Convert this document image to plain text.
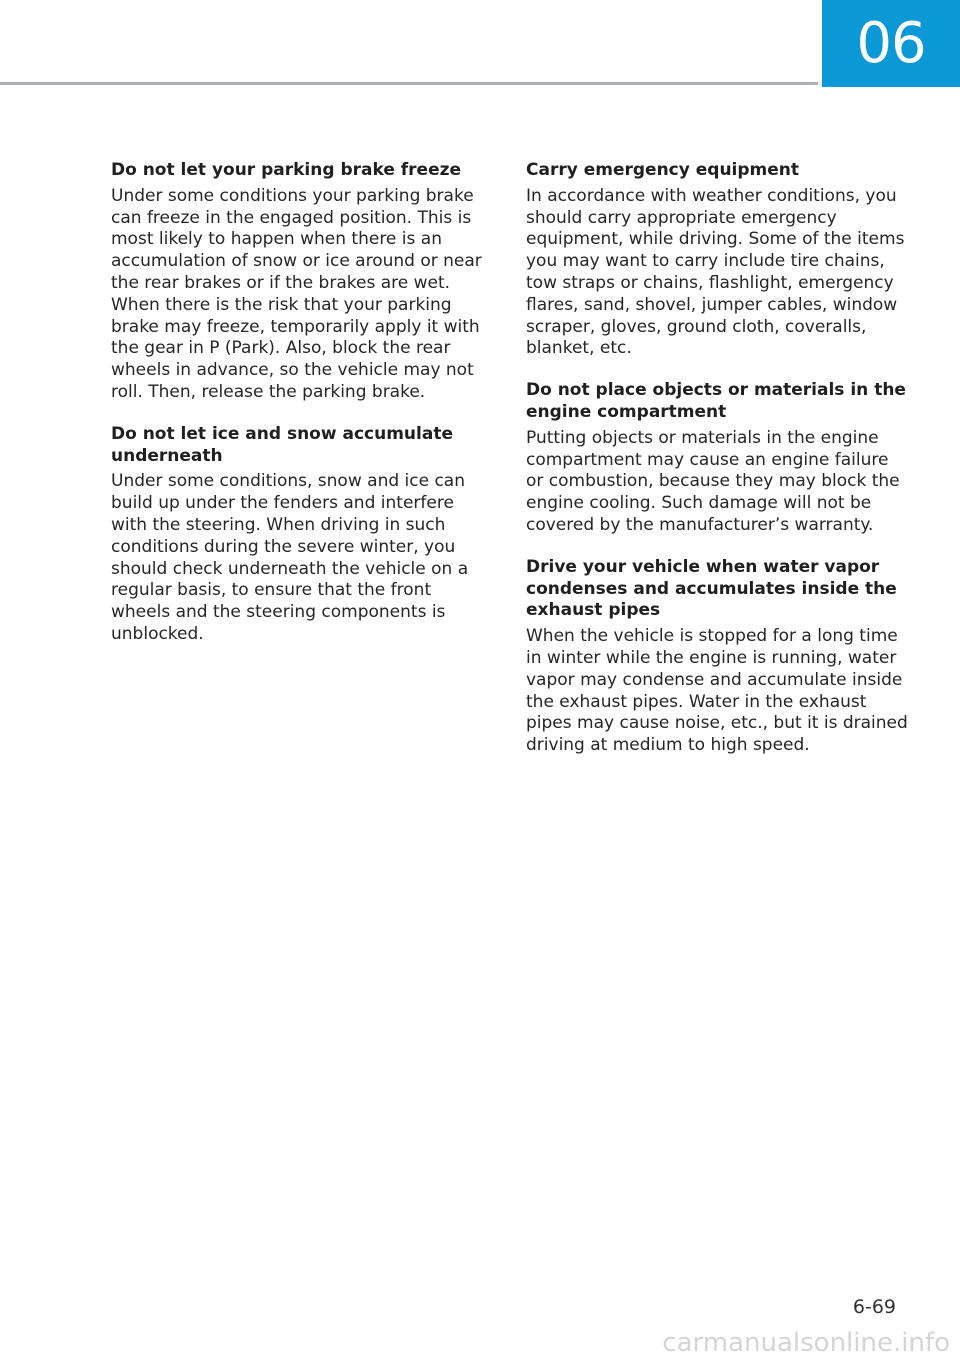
06
Do not let your parking brake freeze

Under some conditions your parking brake can freeze in the engaged position. This is most likely to happen when there is an accumulation of snow or ice around or near the rear brakes or if the brakes are wet. When there is the risk that your parking brake may freeze, temporarily apply it with the gear in P (Park). Also, block the rear wheels in advance, so the vehicle may not roll. Then, release the parking brake.

Do not let ice and snow accumulate underneath

Under some conditions, snow and ice can build up under the fenders and interfere with the steering. When driving in such conditions during the severe winter, you should check underneath the vehicle on a regular basis, to ensure that the front wheels and the steering components is unblocked.

Carry emergency equipment

In accordance with weather conditions, you should carry appropriate emergency equipment, while driving. Some of the items you may want to carry include tire chains, tow straps or chains, flashlight, emergency flares, sand, shovel, jumper cables, window scraper, gloves, ground cloth, coveralls, blanket, etc.

Do not place objects or materials in the engine compartment

Putting objects or materials in the engine compartment may cause an engine failure or combustion, because they may block the engine cooling. Such damage will not be covered by the manufacturer’s warranty.

Drive your vehicle when water vapor condenses and accumulates inside the exhaust pipes

When the vehicle is stopped for a long time in winter while the engine is running, water vapor may condense and accumulate inside the exhaust pipes. Water in the exhaust pipes may cause noise, etc., but it is drained driving at medium to high speed.

6-69
carmanualsonline.info
